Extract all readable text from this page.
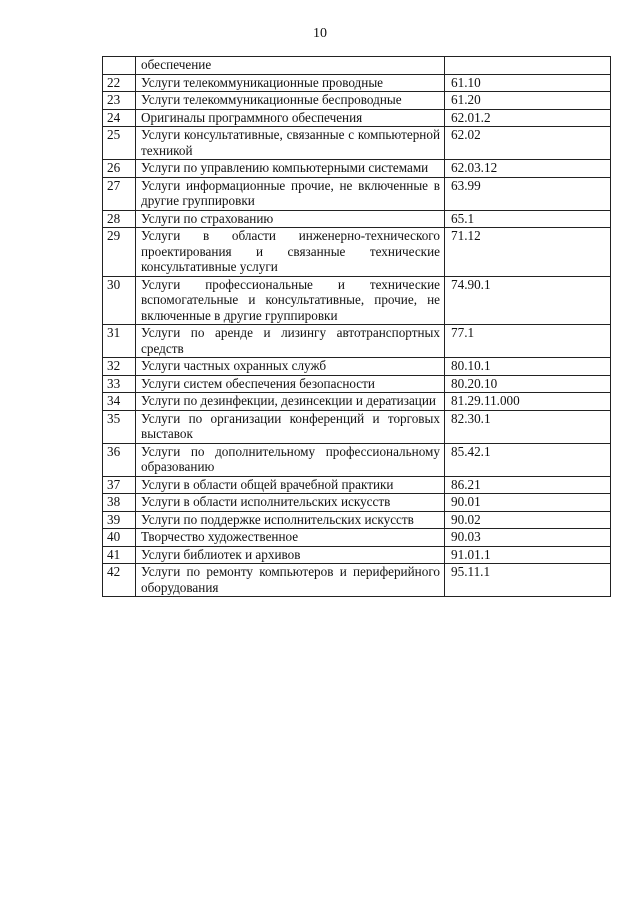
10
	обеспечение	
22	Услуги телекоммуникационные проводные	61.10
23	Услуги телекоммуникационные беспроводные	61.20
24	Оригиналы программного обеспечения	62.01.2
25	Услуги консультативные, связанные с компьютерной техникой	62.02
26	Услуги по управлению компьютерными системами	62.03.12
27	Услуги информационные прочие, не включенные в другие группировки	63.99
28	Услуги по страхованию	65.1
29	Услуги в области инженерно-технического проектирования и связанные технические консультативные услуги	71.12
30	Услуги профессиональные и технические вспомогательные и консультативные, прочие, не включенные в другие группировки	74.90.1
31	Услуги по аренде и лизингу автотранспортных средств	77.1
32	Услуги частных охранных служб	80.10.1
33	Услуги систем обеспечения безопасности	80.20.10
34	Услуги по дезинфекции, дезинсекции и дератизации	81.29.11.000
35	Услуги по организации конференций и торговых выставок	82.30.1
36	Услуги по дополнительному профессиональному образованию	85.42.1
37	Услуги в области общей врачебной практики	86.21
38	Услуги в области исполнительских искусств	90.01
39	Услуги по поддержке исполнительских искусств	90.02
40	Творчество художественное	90.03
41	Услуги библиотек и архивов	91.01.1
42	Услуги по ремонту компьютеров и периферийного оборудования	95.11.1
